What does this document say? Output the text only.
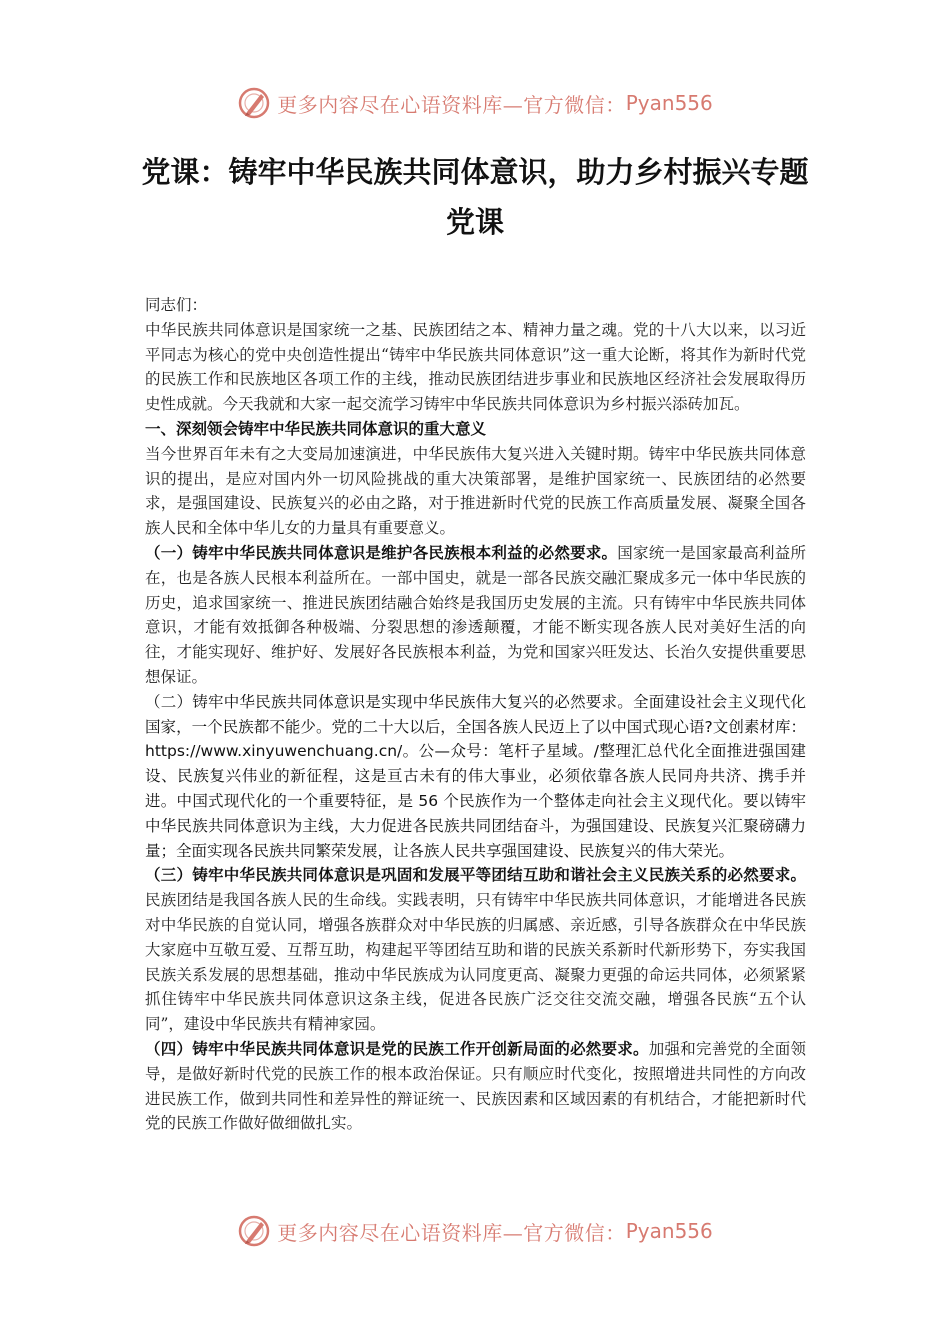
更多内容尽在心语资料库—官方微信： Pyan556
党课：铸牢中华民族共同体意识，助力乡村振兴专题党课

同志们：

中华民族共同体意识是国家统一之基、民族团结之本、精神力量之魂。党的十八大以来，以习近平同志为核心的党中央创造性提出“铸牢中华民族共同体意识”这一重大论断，将其作为新时代党的民族工作和民族地区各项工作的主线，推动民族团结进步事业和民族地区经济社会发展取得历史性成就。今天我就和大家一起交流学习铸牢中华民族共同体意识为乡村振兴添砖加瓦。

一、深刻领会铸牢中华民族共同体意识的重大意义

当今世界百年未有之大变局加速演进，中华民族伟大复兴进入关键时期。铸牢中华民族共同体意识的提出，是应对国内外一切风险挑战的重大决策部署，是维护国家统一、民族团结的必然要求，是强国建设、民族复兴的必由之路，对于推进新时代党的民族工作高质量发展、凝聚全国各族人民和全体中华儿女的力量具有重要意义。

（一）铸牢中华民族共同体意识是维护各民族根本利益的必然要求。国家统一是国家最高利益所在，也是各族人民根本利益所在。一部中国史，就是一部各民族交融汇聚成多元一体中华民族的历史，追求国家统一、推进民族团结融合始终是我国历史发展的主流。只有铸牢中华民族共同体意识，才能有效抵御各种极端、分裂思想的渗透颠覆，才能不断实现各族人民对美好生活的向往，才能实现好、维护好、发展好各民族根本利益，为党和国家兴旺发达、长治久安提供重要思想保证。

（二）铸牢中华民族共同体意识是实现中华民族伟大复兴的必然要求。全面建设社会主义现代化国家，一个民族都不能少。党的二十大以后，全国各族人民迈上了以中国式现心语?文创素材库：https://www.xinyuwenchuang.cn/。公—众号：笔杆子星域。/整理汇总代化全面推进强国建设、民族复兴伟业的新征程，这是亘古未有的伟大事业，必须依靠各族人民同舟共济、携手并进。中国式现代化的一个重要特征，是 56 个民族作为一个整体走向社会主义现代化。要以铸牢中华民族共同体意识为主线，大力促进各民族共同团结奋斗，为强国建设、民族复兴汇聚磅礴力量；全面实现各民族共同繁荣发展，让各族人民共享强国建设、民族复兴的伟大荣光。

（三）铸牢中华民族共同体意识是巩固和发展平等团结互助和谐社会主义民族关系的必然要求。民族团结是我国各族人民的生命线。实践表明，只有铸牢中华民族共同体意识，才能增进各民族对中华民族的自觉认同，增强各族群众对中华民族的归属感、亲近感，引导各族群众在中华民族大家庭中互敬互爱、互帮互助，构建起平等团结互助和谐的民族关系新时代新形势下，夯实我国民族关系发展的思想基础，推动中华民族成为认同度更高、凝聚力更强的命运共同体，必须紧紧抓住铸牢中华民族共同体意识这条主线，促进各民族广泛交往交流交融，增强各民族“五个认同”，建设中华民族共有精神家园。

（四）铸牢中华民族共同体意识是党的民族工作开创新局面的必然要求。加强和完善党的全面领导，是做好新时代党的民族工作的根本政治保证。只有顺应时代变化，按照增进共同性的方向改进民族工作，做到共同性和差异性的辩证统一、民族因素和区域因素的有机结合，才能把新时代党的民族工作做好做细做扎实。

更多内容尽在心语资料库—官方微信： Pyan556
